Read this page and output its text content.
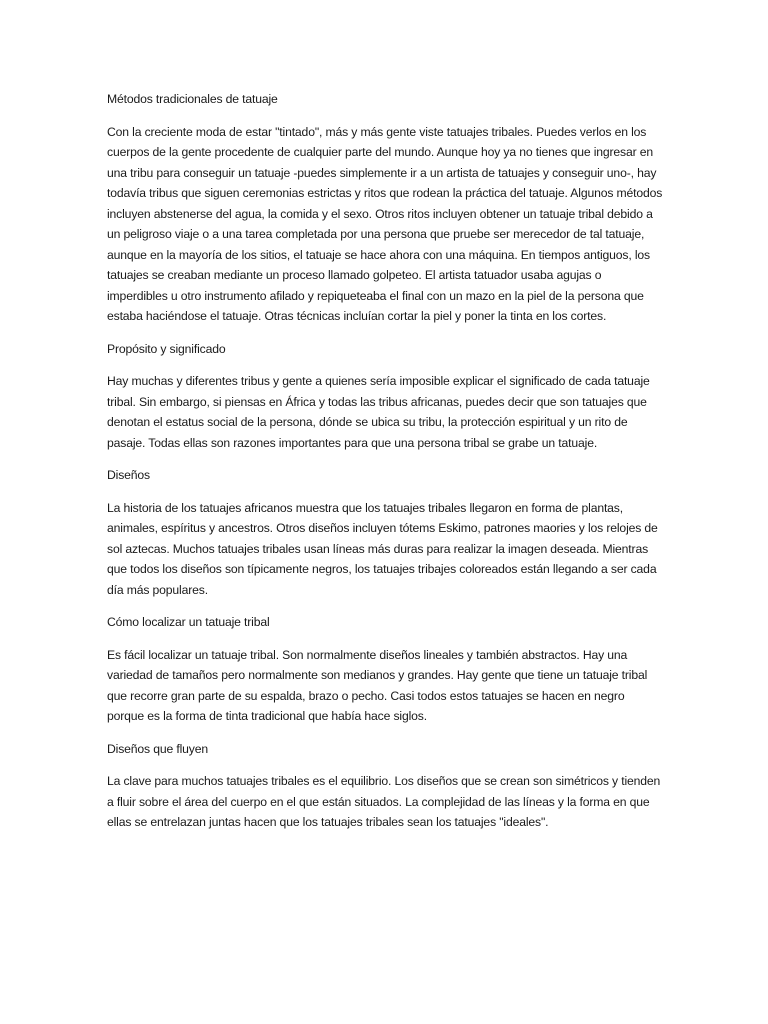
Métodos tradicionales de tatuaje

Con la creciente moda de estar "tintado", más y más gente viste tatuajes tribales. Puedes verlos en los cuerpos de la gente procedente de cualquier parte del mundo. Aunque hoy ya no tienes que ingresar en una tribu para conseguir un tatuaje -puedes simplemente ir a un artista de tatuajes y conseguir uno-, hay todavía tribus que siguen ceremonias estrictas y ritos que rodean la práctica del tatuaje. Algunos métodos incluyen abstenerse del agua, la comida y el sexo. Otros ritos incluyen obtener un tatuaje tribal debido a un peligroso viaje o a una tarea completada por una persona que pruebe ser merecedor de tal tatuaje, aunque en la mayoría de los sitios, el tatuaje se hace ahora con una máquina. En tiempos antiguos, los tatuajes se creaban mediante un proceso llamado golpeteo. El artista tatuador usaba agujas o imperdibles u otro instrumento afilado y repiqueteaba el final con un mazo en la piel de la persona que estaba haciéndose el tatuaje. Otras técnicas incluían cortar la piel y poner la tinta en los cortes.

Propósito y significado

Hay muchas y diferentes tribus y gente a quienes sería imposible explicar el significado de cada tatuaje tribal. Sin embargo, si piensas en África y todas las tribus africanas, puedes decir que son tatuajes que denotan el estatus social de la persona, dónde se ubica su tribu, la protección espiritual y un rito de pasaje. Todas ellas son razones importantes para que una persona tribal se grabe un tatuaje.

Diseños

La historia de los tatuajes africanos muestra que los tatuajes tribales llegaron en forma de plantas, animales, espíritus y ancestros. Otros diseños incluyen tótems Eskimo, patrones maories y los relojes de sol aztecas. Muchos tatuajes tribales usan líneas más duras para realizar la imagen deseada. Mientras que todos los diseños son típicamente negros, los tatuajes tribajes coloreados están llegando a ser cada día más populares.

Cómo localizar un tatuaje tribal

Es fácil localizar un tatuaje tribal. Son normalmente diseños lineales y también abstractos. Hay una variedad de tamaños pero normalmente son medianos y grandes. Hay gente que tiene un tatuaje tribal que recorre gran parte de su espalda, brazo o pecho. Casi todos estos tatuajes se hacen en negro porque es la forma de tinta tradicional que había hace siglos.

Diseños que fluyen

La clave para muchos tatuajes tribales es el equilibrio. Los diseños que se crean son simétricos y tienden a fluir sobre el área del cuerpo en el que están situados. La complejidad de las líneas y la forma en que ellas se entrelazan juntas hacen que los tatuajes tribales sean los tatuajes "ideales".
